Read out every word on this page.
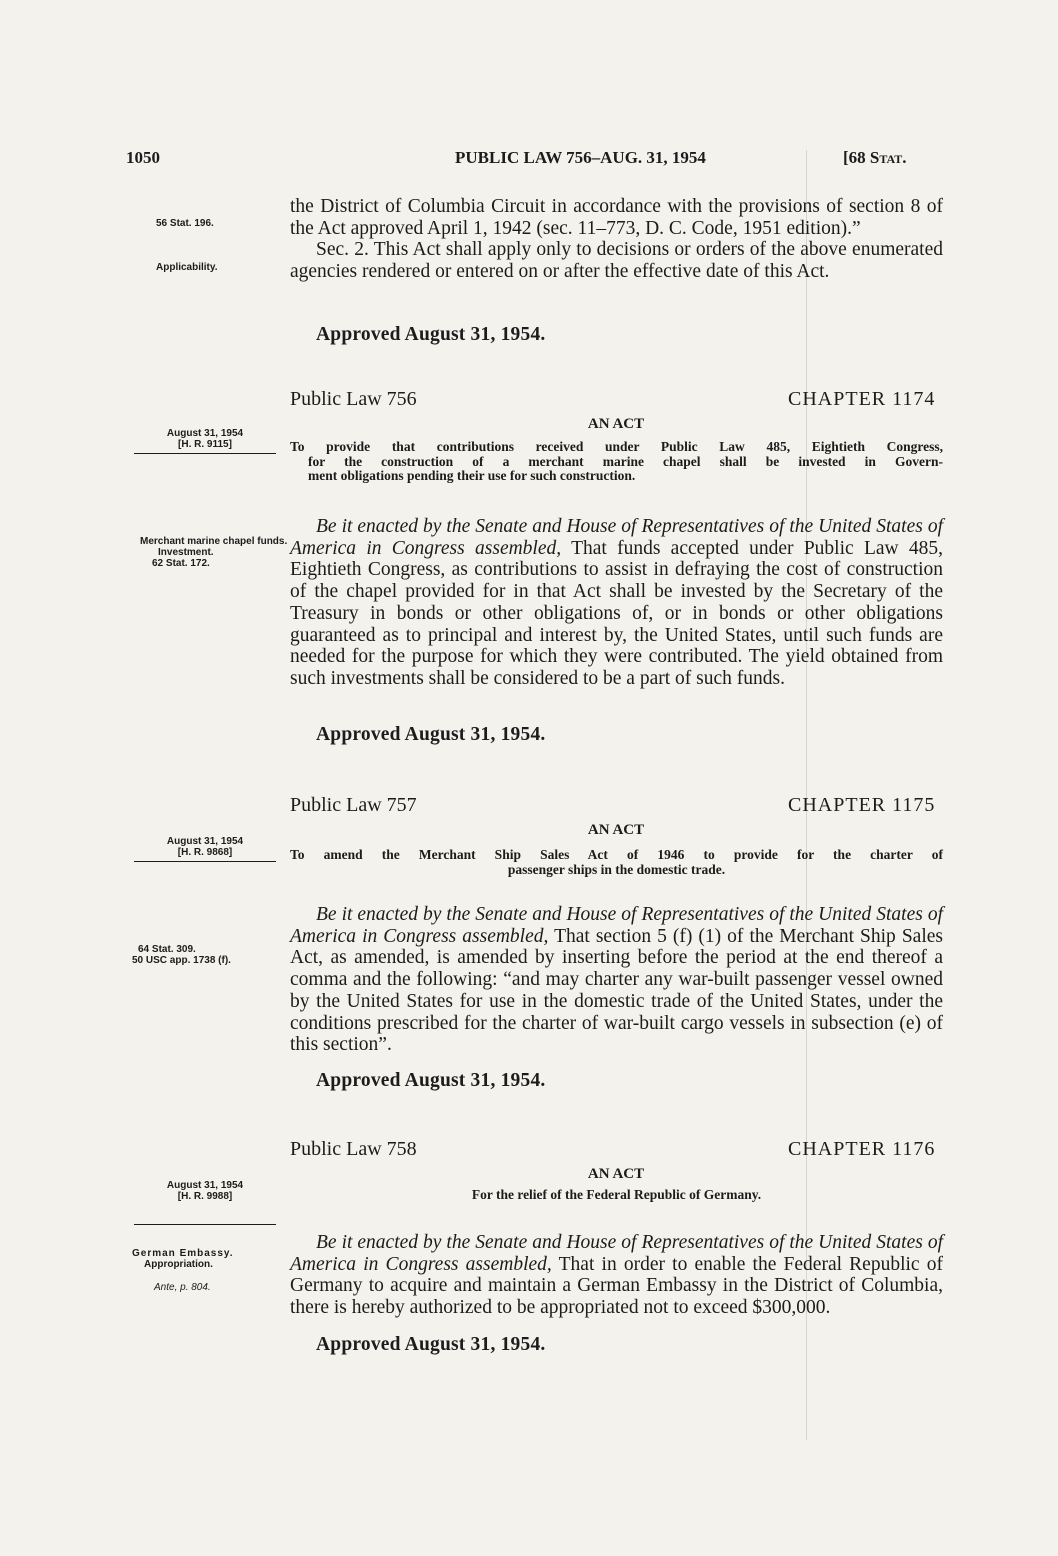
1050	PUBLIC LAW 756–AUG. 31, 1954	[68 Stat.
56 Stat. 196.
Applicability.

the District of Columbia Circuit in accordance with the provisions of section 8 of the Act approved April 1, 1942 (sec. 11–773, D. C. Code, 1951 edition).”

Sec. 2. This Act shall apply only to decisions or orders of the above enumerated agencies rendered or entered on or after the effective date of this Act.

Approved August 31, 1954.
Public Law 756	CHAPTER 1174
AN ACT
August 31, 1954
[H. R. 9115]	To provide that contributions received under Public Law 485, Eightieth Congress,
for the construction of a merchant marine chapel shall be invested in Govern-
ment obligations pending their use for such construction.
Merchant marine chapel funds.
Investment.
62 Stat. 172.

Be it enacted by the Senate and House of Representatives of the United States of America in Congress assembled, That funds accepted under Public Law 485, Eightieth Congress, as contributions to assist in defraying the cost of construction of the chapel provided for in that Act shall be invested by the Secretary of the Treasury in bonds or other obligations of, or in bonds or other obligations guaranteed as to principal and interest by, the United States, until such funds are needed for the purpose for which they were contributed. The yield obtained from such investments shall be considered to be a part of such funds.

Approved August 31, 1954.
Public Law 757	CHAPTER 1175
AN ACT
August 31, 1954
[H. R. 9868]	To amend the Merchant Ship Sales Act of 1946 to provide for the charter of
passenger ships in the domestic trade.
64 Stat. 309.
50 USC app. 1738 (f).

Be it enacted by the Senate and House of Representatives of the United States of America in Congress assembled, That section 5 (f) (1) of the Merchant Ship Sales Act, as amended, is amended by inserting before the period at the end thereof a comma and the following: “and may charter any war-built passenger vessel owned by the United States for use in the domestic trade of the United States, under the conditions prescribed for the charter of war-built cargo vessels in subsection (e) of this section”.

Approved August 31, 1954.
Public Law 758	CHAPTER 1176
AN ACT
August 31, 1954
[H. R. 9988]	For the relief of the Federal Republic of Germany.
German Embassy.
Appropriation.
Ante, p. 804.

Be it enacted by the Senate and House of Representatives of the United States of America in Congress assembled, That in order to enable the Federal Republic of Germany to acquire and maintain a German Embassy in the District of Columbia, there is hereby authorized to be appropriated not to exceed $300,000.

Approved August 31, 1954.
